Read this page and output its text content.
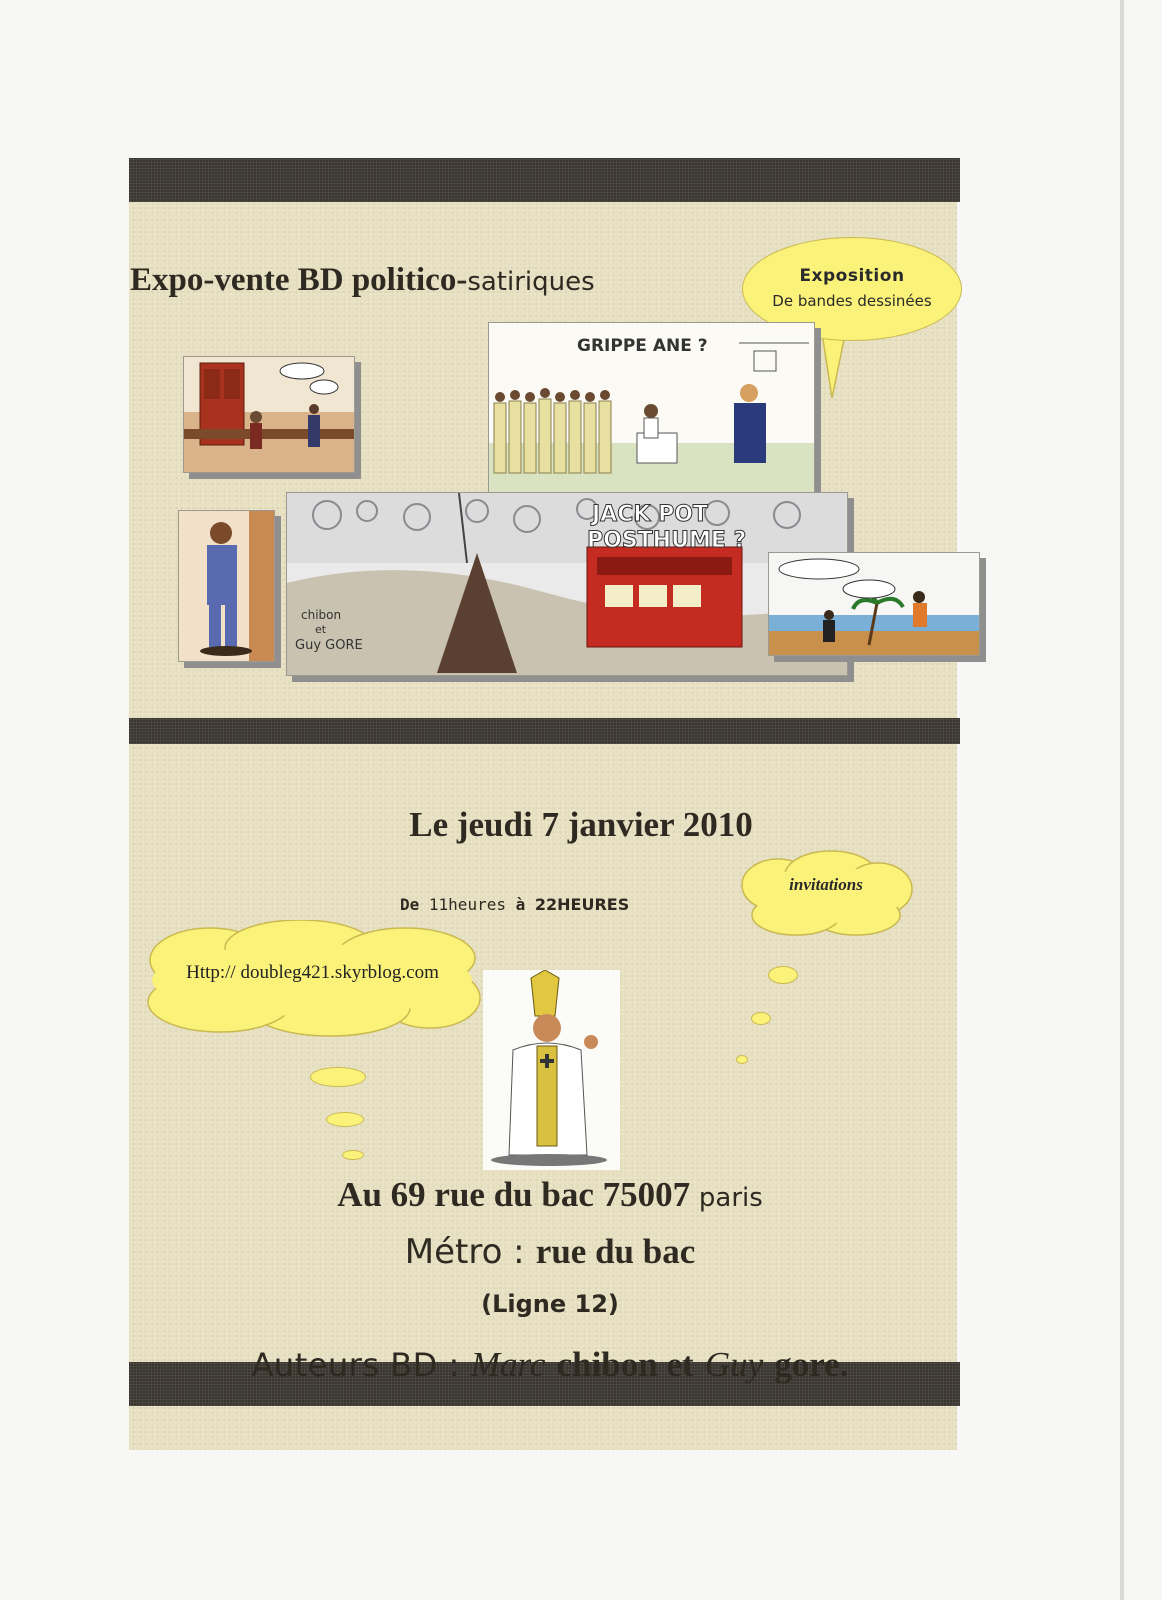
Expo-vente BD politico-satiriques	Exposition
De bandes dessinées
GRIPPE ANE ?
JACK POT
POSTHUME ?
chibon
et
Guy GORE
Le jeudi 7 janvier 2010
De 11heures à 22HEURES
Http:// doubleg421.skyrblog.com
invitations
Au 69 rue du bac 75007 paris
Métro : rue du bac
(Ligne 12)
Auteurs BD : Marc chibon et Guy gore.
